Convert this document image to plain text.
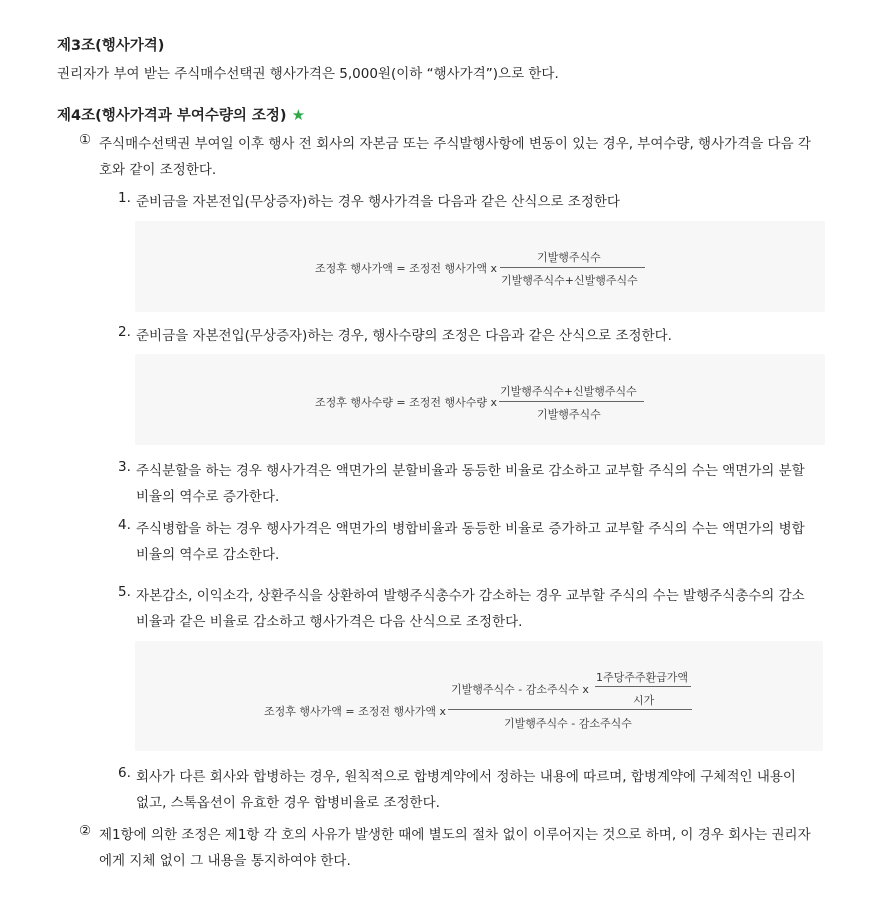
제3조(행사가격)
권리자가 부여 받는 주식매수선택권 행사가격은 5,000원(이하 “행사가격”)으로 한다.
제4조(행사가격과 부여수량의 조정) ★
① 주식매수선택권 부여일 이후 행사 전 회사의 자본금 또는 주식발행사항에 변동이 있는 경우, 부여수량, 행사가격을 다음 각
호와 같이 조정한다.
1. 준비금을 자본전입(무상증자)하는 경우 행사가격을 다음과 같은 산식으로 조정한다
조정후 행사가액 = 조정전 행사가액 x
기발행주식수
기발행주식수+신발행주식수
2. 준비금을 자본전입(무상증자)하는 경우, 행사수량의 조정은 다음과 같은 산식으로 조정한다.
조정후 행사수량 = 조정전 행사수량 x
기발행주식수+신발행주식수
기발행주식수
3. 주식분할을 하는 경우 행사가격은 액면가의 분할비율과 동등한 비율로 감소하고 교부할 주식의 수는 액면가의 분할
비율의 역수로 증가한다.
4. 주식병합을 하는 경우 행사가격은 액면가의 병합비율과 동등한 비율로 증가하고 교부할 주식의 수는 액면가의 병합
비율의 역수로 감소한다.
5. 자본감소, 이익소각, 상환주식을 상환하여 발행주식총수가 감소하는 경우 교부할 주식의 수는 발행주식총수의 감소
비율과 같은 비율로 감소하고 행사가격은 다음 산식으로 조정한다.
조정후 행사가액 = 조정전 행사가액 x
기발행주식수 - 감소주식수 x
1주당주주환급가액
시가
기발행주식수 - 감소주식수
6. 회사가 다른 회사와 합병하는 경우, 원칙적으로 합병계약에서 정하는 내용에 따르며, 합병계약에 구체적인 내용이
없고, 스톡옵션이 유효한 경우 합병비율로 조정한다.
② 제1항에 의한 조정은 제1항 각 호의 사유가 발생한 때에 별도의 절차 없이 이루어지는 것으로 하며, 이 경우 회사는 권리자
에게 지체 없이 그 내용을 통지하여야 한다.
